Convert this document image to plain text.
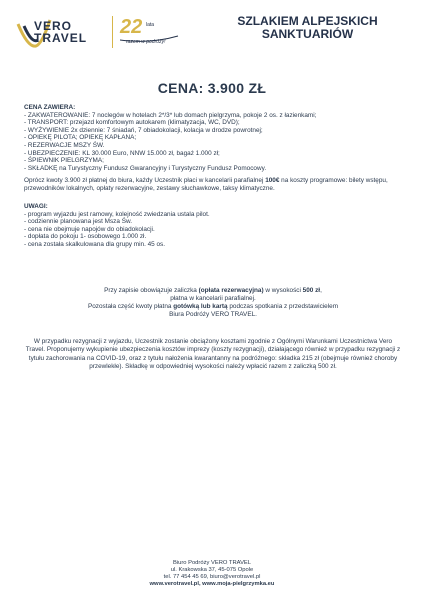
VERO
TRAVEL 22 lata
razem w podróży!
SZLAKIEM ALPEJSKICH
SANKTUARIÓW
CENA: 3.900 ZŁ

CENA ZAWIERA:

- ZAKWATEROWANIE: 7 noclegów w hotelach 2*/3* lub domach pielgrzyma, pokoje 2 os. z łazienkami;

- TRANSPORT: przejazd komfortowym autokarem (klimatyzacja, WC, DVD);

- WYŻYWIENIE 2x dziennie: 7 śniadań, 7 obiadokolacji, kolacja w drodze powrotnej;

- OPIEKĘ PILOTA; OPIEKĘ KAPŁANA;

- REZERWACJE MSZY ŚW.

- UBEZPIECZENIE: KL 30.000 Euro, NNW 15.000 zł, bagaż 1.000 zł;

- ŚPIEWNIK PIELGRZYMA;

- SKŁADKĘ na Turystyczny Fundusz Gwarancyjny i Turystyczny Fundusz Pomocowy.

Oprócz kwoty 3.900 zł płatnej do biura, każdy Uczestnik płaci w kancelarii parafialnej 100€ na koszty programowe: bilety wstępu, przewodników lokalnych, opłaty rezerwacyjne, zestawy słuchawkowe, taksy klimatyczne.

UWAGI:

- program wyjazdu jest ramowy, kolejność zwiedzania ustala pilot.

- codziennie planowana jest Msza Św.

- cena nie obejmuje napojów do obiadokolacji.

- dopłata do pokoju 1- osobowego 1.000 zł.

- cena została skalkulowana dla grupy min. 45 os.

Przy zapisie obowiązuje zaliczka (opłata rezerwacyjna) w wysokości 500 zł,

płatna w kancelarii parafialnej.

Pozostała część kwoty płatna gotówką lub kartą podczas spotkania z przedstawicielem

Biura Podróży VERO TRAVEL.

W przypadku rezygnacji z wyjazdu, Uczestnik zostanie obciążony kosztami zgodnie z Ogólnymi Warunkami Uczestnictwa Vero Travel. Proponujemy wykupienie ubezpieczenia kosztów imprezy (koszty rezygnacji), działającego również w przypadku rezygnacji z tytułu zachorowania na COVID-19, oraz z tytułu nałożenia kwarantanny na podróżnego: składka 215 zł (obejmuje również choroby przewlekłe). Składkę w odpowiedniej wysokości należy wpłacić razem z zaliczką 500 zł.

Biuro Podróży VERO TRAVEL

ul. Krakowska 37, 45-075 Opole

tel. 77 454 45 69, biuro@verotravel.pl

www.verotravel.pl, www.moja-pielgrzymka.eu
